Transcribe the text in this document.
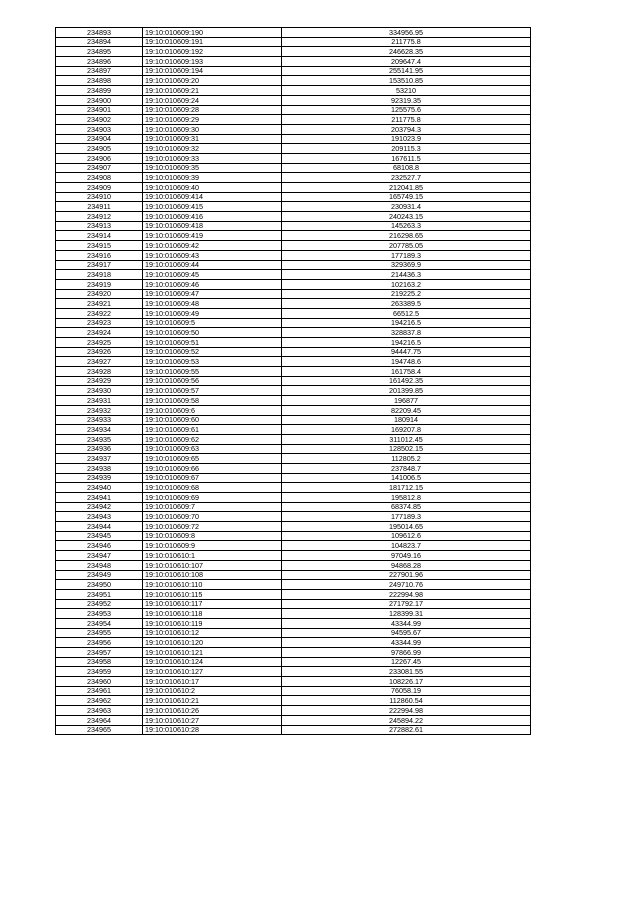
234893	19:10:010609:190	334956.95
234894	19:10:010609:191	211775.8
234895	19:10:010609:192	246628.35
234896	19:10:010609:193	209647.4
234897	19:10:010609:194	255141.95
234898	19:10:010609:20	153510.85
234899	19:10:010609:21	53210
234900	19:10:010609:24	92319.35
234901	19:10:010609:28	125575.6
234902	19:10:010609:29	211775.8
234903	19:10:010609:30	203794.3
234904	19:10:010609:31	191023.9
234905	19:10:010609:32	209115.3
234906	19:10:010609:33	167611.5
234907	19:10:010609:35	68108.8
234908	19:10:010609:39	232527.7
234909	19:10:010609:40	212041.85
234910	19:10:010609:414	165749.15
234911	19:10:010609:415	230931.4
234912	19:10:010609:416	240243.15
234913	19:10:010609:418	145263.3
234914	19:10:010609:419	216298.65
234915	19:10:010609:42	207785.05
234916	19:10:010609:43	177189.3
234917	19:10:010609:44	329369.9
234918	19:10:010609:45	214436.3
234919	19:10:010609:46	102163.2
234920	19:10:010609:47	219225.2
234921	19:10:010609:48	263389.5
234922	19:10:010609:49	66512.5
234923	19:10:010609:5	194216.5
234924	19:10:010609:50	328837.8
234925	19:10:010609:51	194216.5
234926	19:10:010609:52	94447.75
234927	19:10:010609:53	194748.6
234928	19:10:010609:55	161758.4
234929	19:10:010609:56	161492.35
234930	19:10:010609:57	201399.85
234931	19:10:010609:58	196877
234932	19:10:010609:6	82209.45
234933	19:10:010609:60	180914
234934	19:10:010609:61	169207.8
234935	19:10:010609:62	311012.45
234936	19:10:010609:63	128502.15
234937	19:10:010609:65	112805.2
234938	19:10:010609:66	237848.7
234939	19:10:010609:67	141006.5
234940	19:10:010609:68	181712.15
234941	19:10:010609:69	195812.8
234942	19:10:010609:7	68374.85
234943	19:10:010609:70	177189.3
234944	19:10:010609:72	195014.65
234945	19:10:010609:8	109612.6
234946	19:10:010609:9	104823.7
234947	19:10:010610:1	97049.16
234948	19:10:010610:107	94868.28
234949	19:10:010610:108	227901.96
234950	19:10:010610:110	249710.76
234951	19:10:010610:115	222994.98
234952	19:10:010610:117	271792.17
234953	19:10:010610:118	128399.31
234954	19:10:010610:119	43344.99
234955	19:10:010610:12	94595.67
234956	19:10:010610:120	43344.99
234957	19:10:010610:121	97866.99
234958	19:10:010610:124	12267.45
234959	19:10:010610:127	233081.55
234960	19:10:010610:17	108226.17
234961	19:10:010610:2	76058.19
234962	19:10:010610:21	112860.54
234963	19:10:010610:26	222994.98
234964	19:10:010610:27	245894.22
234965	19:10:010610:28	272882.61
